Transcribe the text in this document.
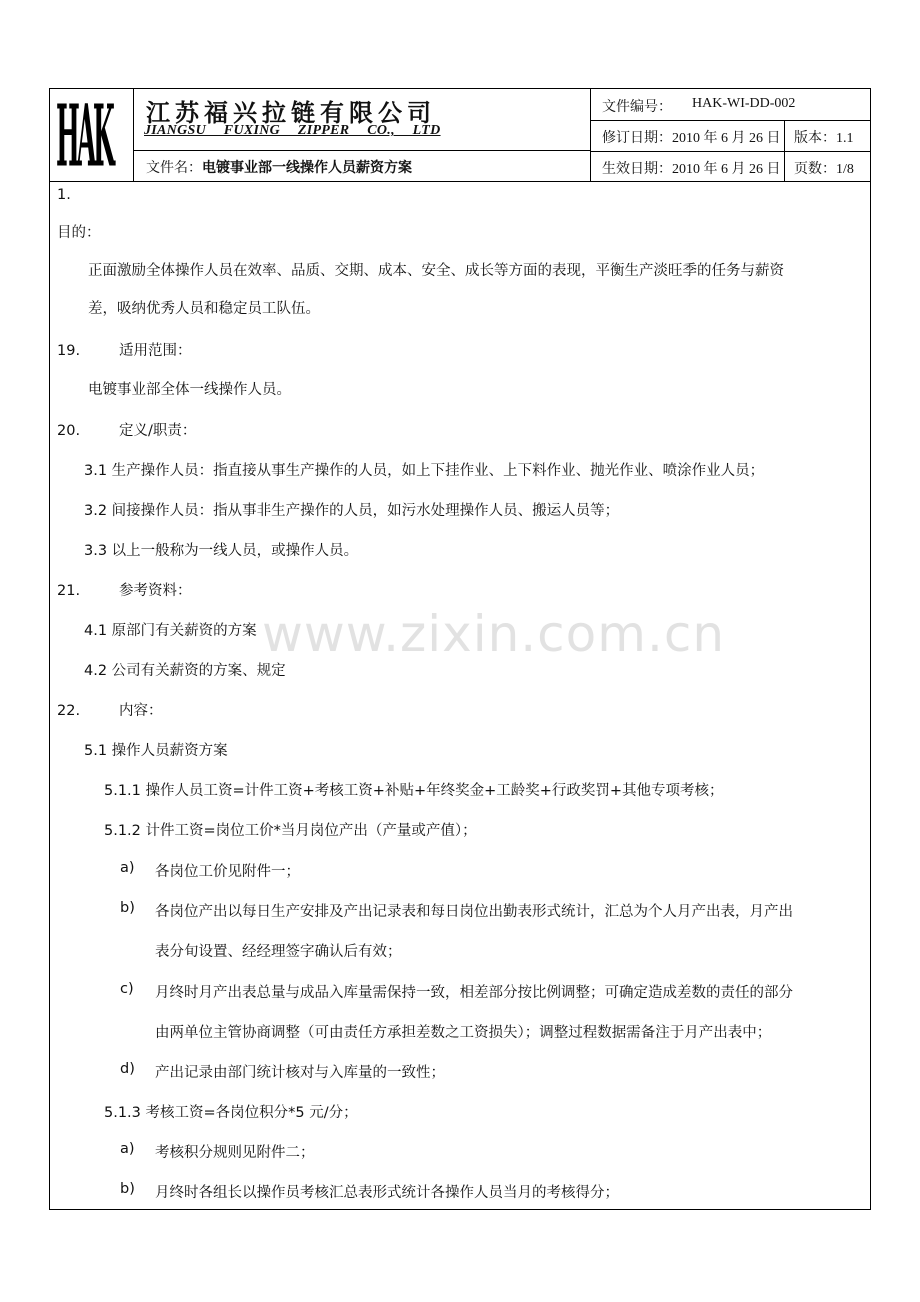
HAK 江苏福兴拉链有限公司
JIANGSU FUXING ZIPPER CO., LTD
文件名：电镀事业部一线操作人员薪资方案
文件编号： HAK-WI-DD-002
修订日期：2010 年 6 月 26 日 版本：1.1
生效日期：2010 年 6 月 26 日 页数：1/8
www.zixin.com.cn
1.
目的：
正面激励全体操作人员在效率、品质、交期、成本、安全、成长等方面的表现，平衡生产淡旺季的任务与薪资
差，吸纳优秀人员和稳定员工队伍。
19.	适用范围：
电镀事业部全体一线操作人员。
20.	定义/职责：
3.1 生产操作人员：指直接从事生产操作的人员，如上下挂作业、上下料作业、抛光作业、喷涂作业人员；
3.2 间接操作人员：指从事非生产操作的人员，如污水处理操作人员、搬运人员等；
3.3 以上一般称为一线人员，或操作人员。
21.	参考资料：
4.1 原部门有关薪资的方案
4.2 公司有关薪资的方案、规定
22.	内容：
5.1 操作人员薪资方案
5.1.1 操作人员工资=计件工资+考核工资+补贴+年终奖金+工龄奖+行政奖罚+其他专项考核；
5.1.2 计件工资=岗位工价*当月岗位产出（产量或产值）；
a) 各岗位工价见附件一；
b) 各岗位产出以每日生产安排及产出记录表和每日岗位出勤表形式统计，汇总为个人月产出表，月产出
表分旬设置、经经理签字确认后有效；
c) 月终时月产出表总量与成品入库量需保持一致，相差部分按比例调整；可确定造成差数的责任的部分
由两单位主管协商调整（可由责任方承担差数之工资损失）；调整过程数据需备注于月产出表中；
d) 产出记录由部门统计核对与入库量的一致性；
5.1.3 考核工资=各岗位积分*5 元/分；
a) 考核积分规则见附件二；
b) 月终时各组长以操作员考核汇总表形式统计各操作人员当月的考核得分；
